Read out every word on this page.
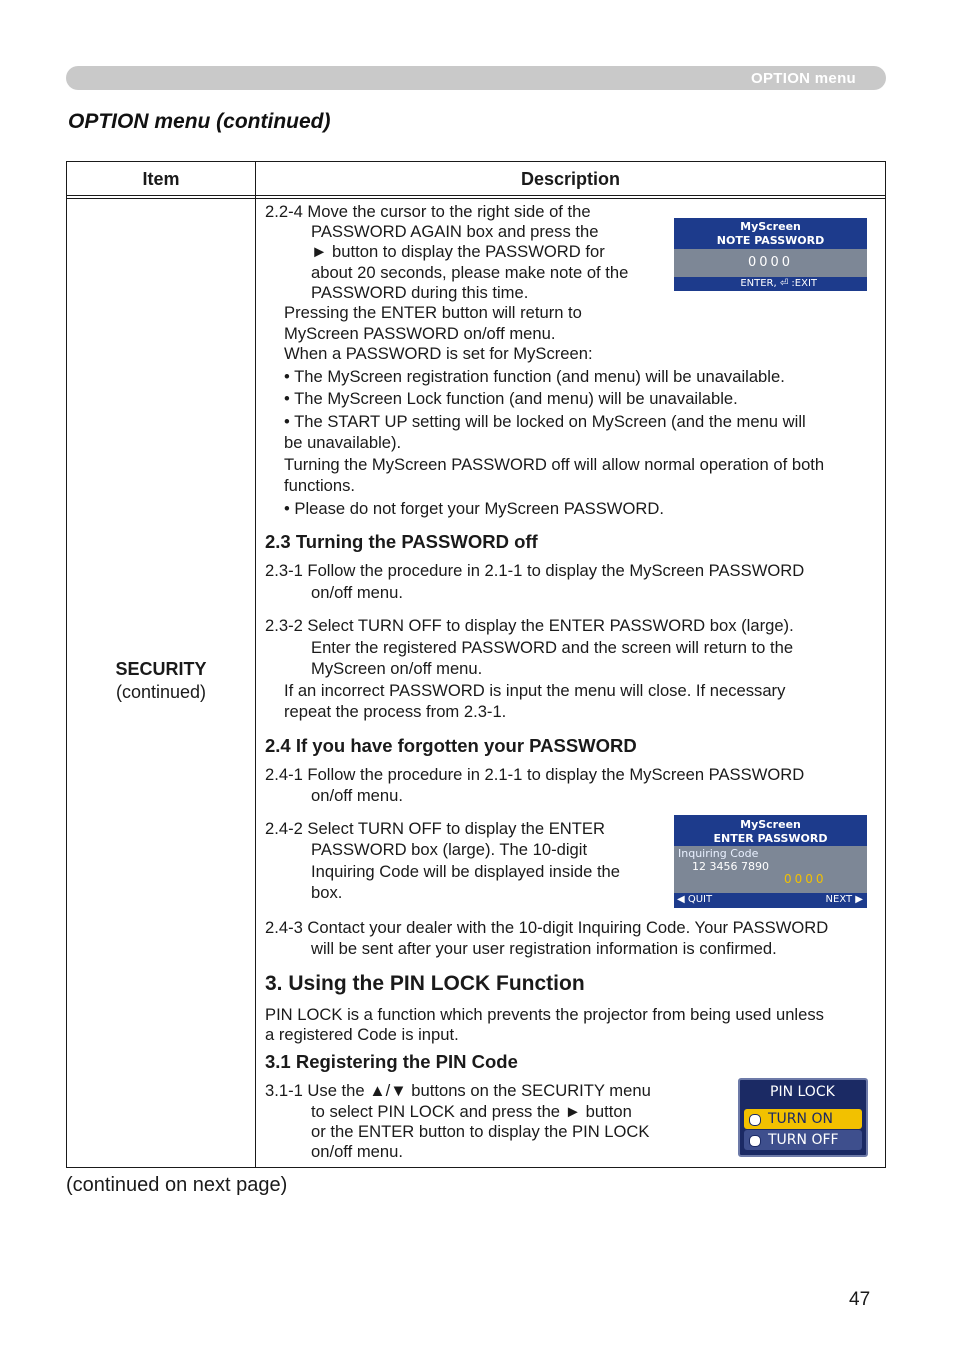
OPTION menu
OPTION menu (continued)
Item	Description
SECURITY
(continued)
2.2-4 Move the cursor to the right side of the
PASSWORD AGAIN box and press the
► button to display the PASSWORD for
about 20 seconds, please make note of the
PASSWORD during this time.
Pressing the ENTER button will return to
MyScreen PASSWORD on/off menu.
When a PASSWORD is set for MyScreen:
• The MyScreen registration function (and menu) will be unavailable.
• The MyScreen Lock function (and menu) will be unavailable.
• The START UP setting will be locked on MyScreen (and the menu will
be unavailable).
Turning the MyScreen PASSWORD off will allow normal operation of both
functions.
• Please do not forget your MyScreen PASSWORD.
2.3 Turning the PASSWORD off
2.3-1 Follow the procedure in 2.1-1 to display the MyScreen PASSWORD
on/off menu.
2.3-2 Select TURN OFF to display the ENTER PASSWORD box (large).
Enter the registered PASSWORD and the screen will return to the
MyScreen on/off menu.
If an incorrect PASSWORD is input the menu will close. If necessary
repeat the process from 2.3-1.
2.4 If you have forgotten your PASSWORD
2.4-1 Follow the procedure in 2.1-1 to display the MyScreen PASSWORD
on/off menu.
2.4-2 Select TURN OFF to display the ENTER
PASSWORD box (large). The 10-digit
Inquiring Code will be displayed inside the
box.
2.4-3 Contact your dealer with the 10-digit Inquiring Code. Your PASSWORD
will be sent after your user registration information is confirmed.
3. Using the PIN LOCK Function
PIN LOCK is a function which prevents the projector from being used unless
a registered Code is input.
3.1 Registering the PIN Code
3.1-1 Use the ▲/▼ buttons on the SECURITY menu
to select PIN LOCK and press the ► button
or the ENTER button to display the PIN LOCK
on/off menu.
MyScreen
NOTE PASSWORD
0000
ENTER, ⏎ :EXIT
MyScreen
ENTER PASSWORD
Inquiring Code
12 3456 7890
0000
◀ QUIT	NEXT ▶
PIN LOCK
TURN ON
TURN OFF
(continued on next page)
47
